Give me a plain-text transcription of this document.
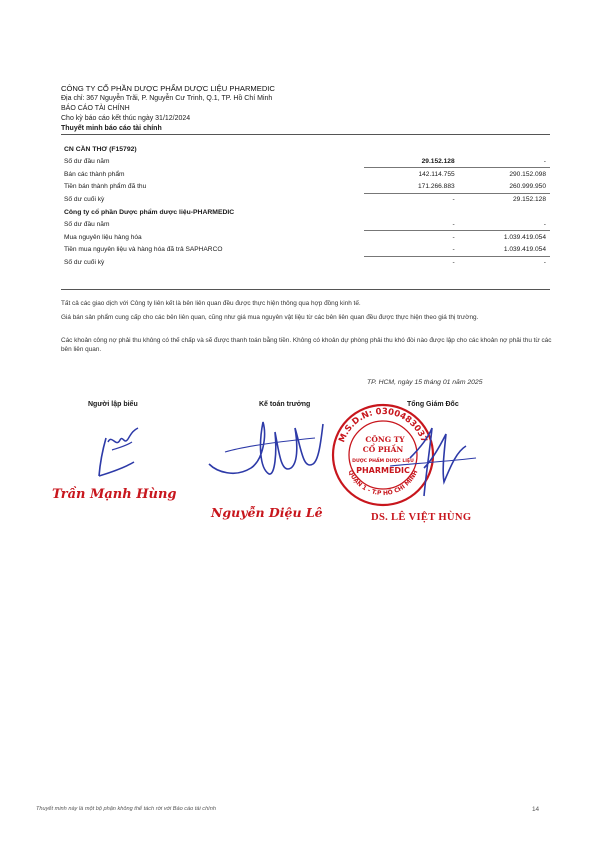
CÔNG TY CỔ PHẦN DƯỢC PHẨM DƯỢC LIỆU PHARMEDIC
Địa chỉ: 367 Nguyễn Trãi, P. Nguyễn Cư Trinh, Q.1, TP. Hồ Chí Minh
BÁO CÁO TÀI CHÍNH
Cho kỳ báo cáo kết thúc ngày 31/12/2024
Thuyết minh báo cáo tài chính
CN CẦN THƠ (F15792)		
Số dư đầu năm	29.152.128	-
Bán các thành phẩm	142.114.755	290.152.098
Tiền bán thành phẩm đã thu	171.266.883	260.999.950
Số dư cuối kỳ	-	29.152.128
Công ty cổ phần Dược phẩm dược liệu-PHARMEDIC		
Số dư đầu năm	-	-
Mua nguyên liệu hàng hóa	-	1.039.419.054
Tiền mua nguyên liệu và hàng hóa đã trả SAPHARCO	-	1.039.419.054
Số dư cuối kỳ	-	-
Tất cả các giao dịch với Công ty liên kết là bên liên quan đều được thực hiện thông qua hợp đồng kinh tế.
Giá bán sản phẩm cung cấp cho các bên liên quan, cũng như giá mua nguyên vật liệu từ các bên liên quan đều được thực hiện theo giá thị trường.
Các khoản công nợ phải thu không có thế chấp và sẽ được thanh toán bằng tiền. Không có khoản dự phòng phải thu khó đòi nào được lập cho các khoản nợ phải thu từ các bên liên quan.
TP. HCM, ngày 15 tháng 01 năm 2025
Người lập biểu	Kế toán trưởng	Tổng Giám Đốc
Trần Mạnh Hùng
Nguyễn Diệu Lê
M.S.D.N: 0300483037
QUẬN 1 - T.P HỒ CHÍ MINH
CÔNG TY
CỔ PHẦN
DƯỢC PHẨM DƯỢC LIỆU
PHARMEDIC
DS. LÊ VIỆT HÙNG
Thuyết minh này là một bộ phận không thể tách rời với Báo cáo tài chính	14
